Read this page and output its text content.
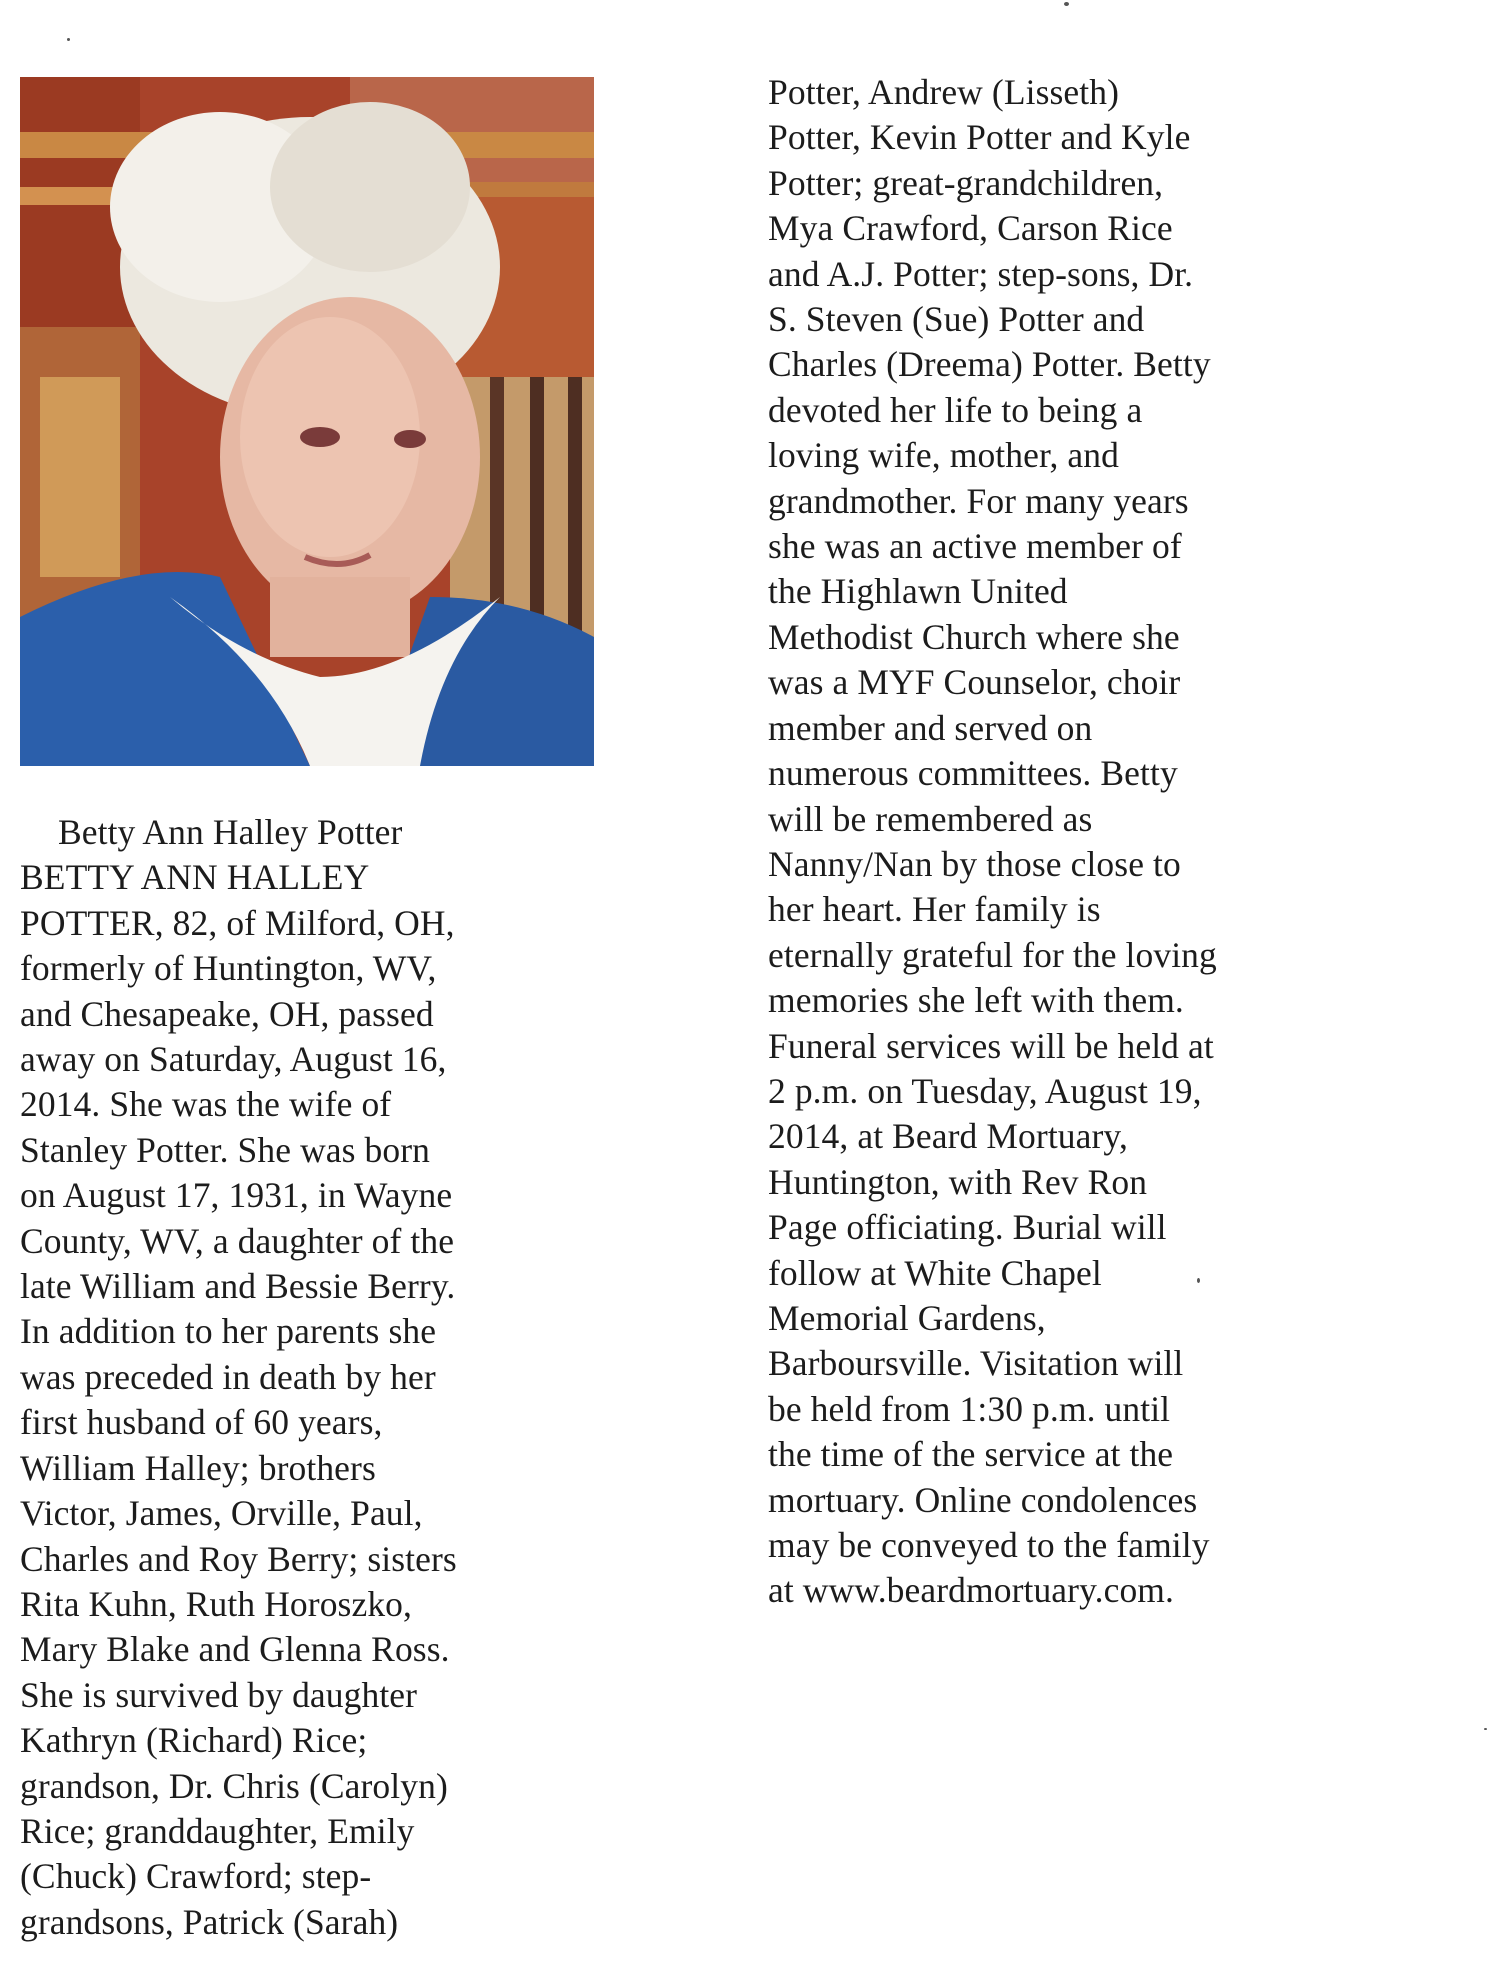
Betty Ann Halley Potter
BETTY ANN HALLEY
POTTER, 82, of Milford, OH,
formerly of Huntington, WV,
and Chesapeake, OH, passed
away on Saturday, August 16,
2014. She was the wife of
Stanley Potter. She was born
on August 17, 1931, in Wayne
County, WV, a daughter of the
late William and Bessie Berry.
In addition to her parents she
was preceded in death by her
first husband of 60 years,
William Halley; brothers
Victor, James, Orville, Paul,
Charles and Roy Berry; sisters
Rita Kuhn, Ruth Horoszko,
Mary Blake and Glenna Ross.
She is survived by daughter
Kathryn (Richard) Rice;
grandson, Dr. Chris (Carolyn)
Rice; granddaughter, Emily
(Chuck) Crawford; step-
grandsons, Patrick (Sarah)
Potter, Andrew (Lisseth)
Potter, Kevin Potter and Kyle
Potter; great-grandchildren,
Mya Crawford, Carson Rice
and A.J. Potter; step-sons, Dr.
S. Steven (Sue) Potter and
Charles (Dreema) Potter. Betty
devoted her life to being a
loving wife, mother, and
grandmother. For many years
she was an active member of
the Highlawn United
Methodist Church where she
was a MYF Counselor, choir
member and served on
numerous committees. Betty
will be remembered as
Nanny/Nan by those close to
her heart. Her family is
eternally grateful for the loving
memories she left with them.
Funeral services will be held at
2 p.m. on Tuesday, August 19,
2014, at Beard Mortuary,
Huntington, with Rev Ron
Page officiating. Burial will
follow at White Chapel
Memorial Gardens,
Barboursville. Visitation will
be held from 1:30 p.m. until
the time of the service at the
mortuary. Online condolences
may be conveyed to the family
at www.beardmortuary.com.
